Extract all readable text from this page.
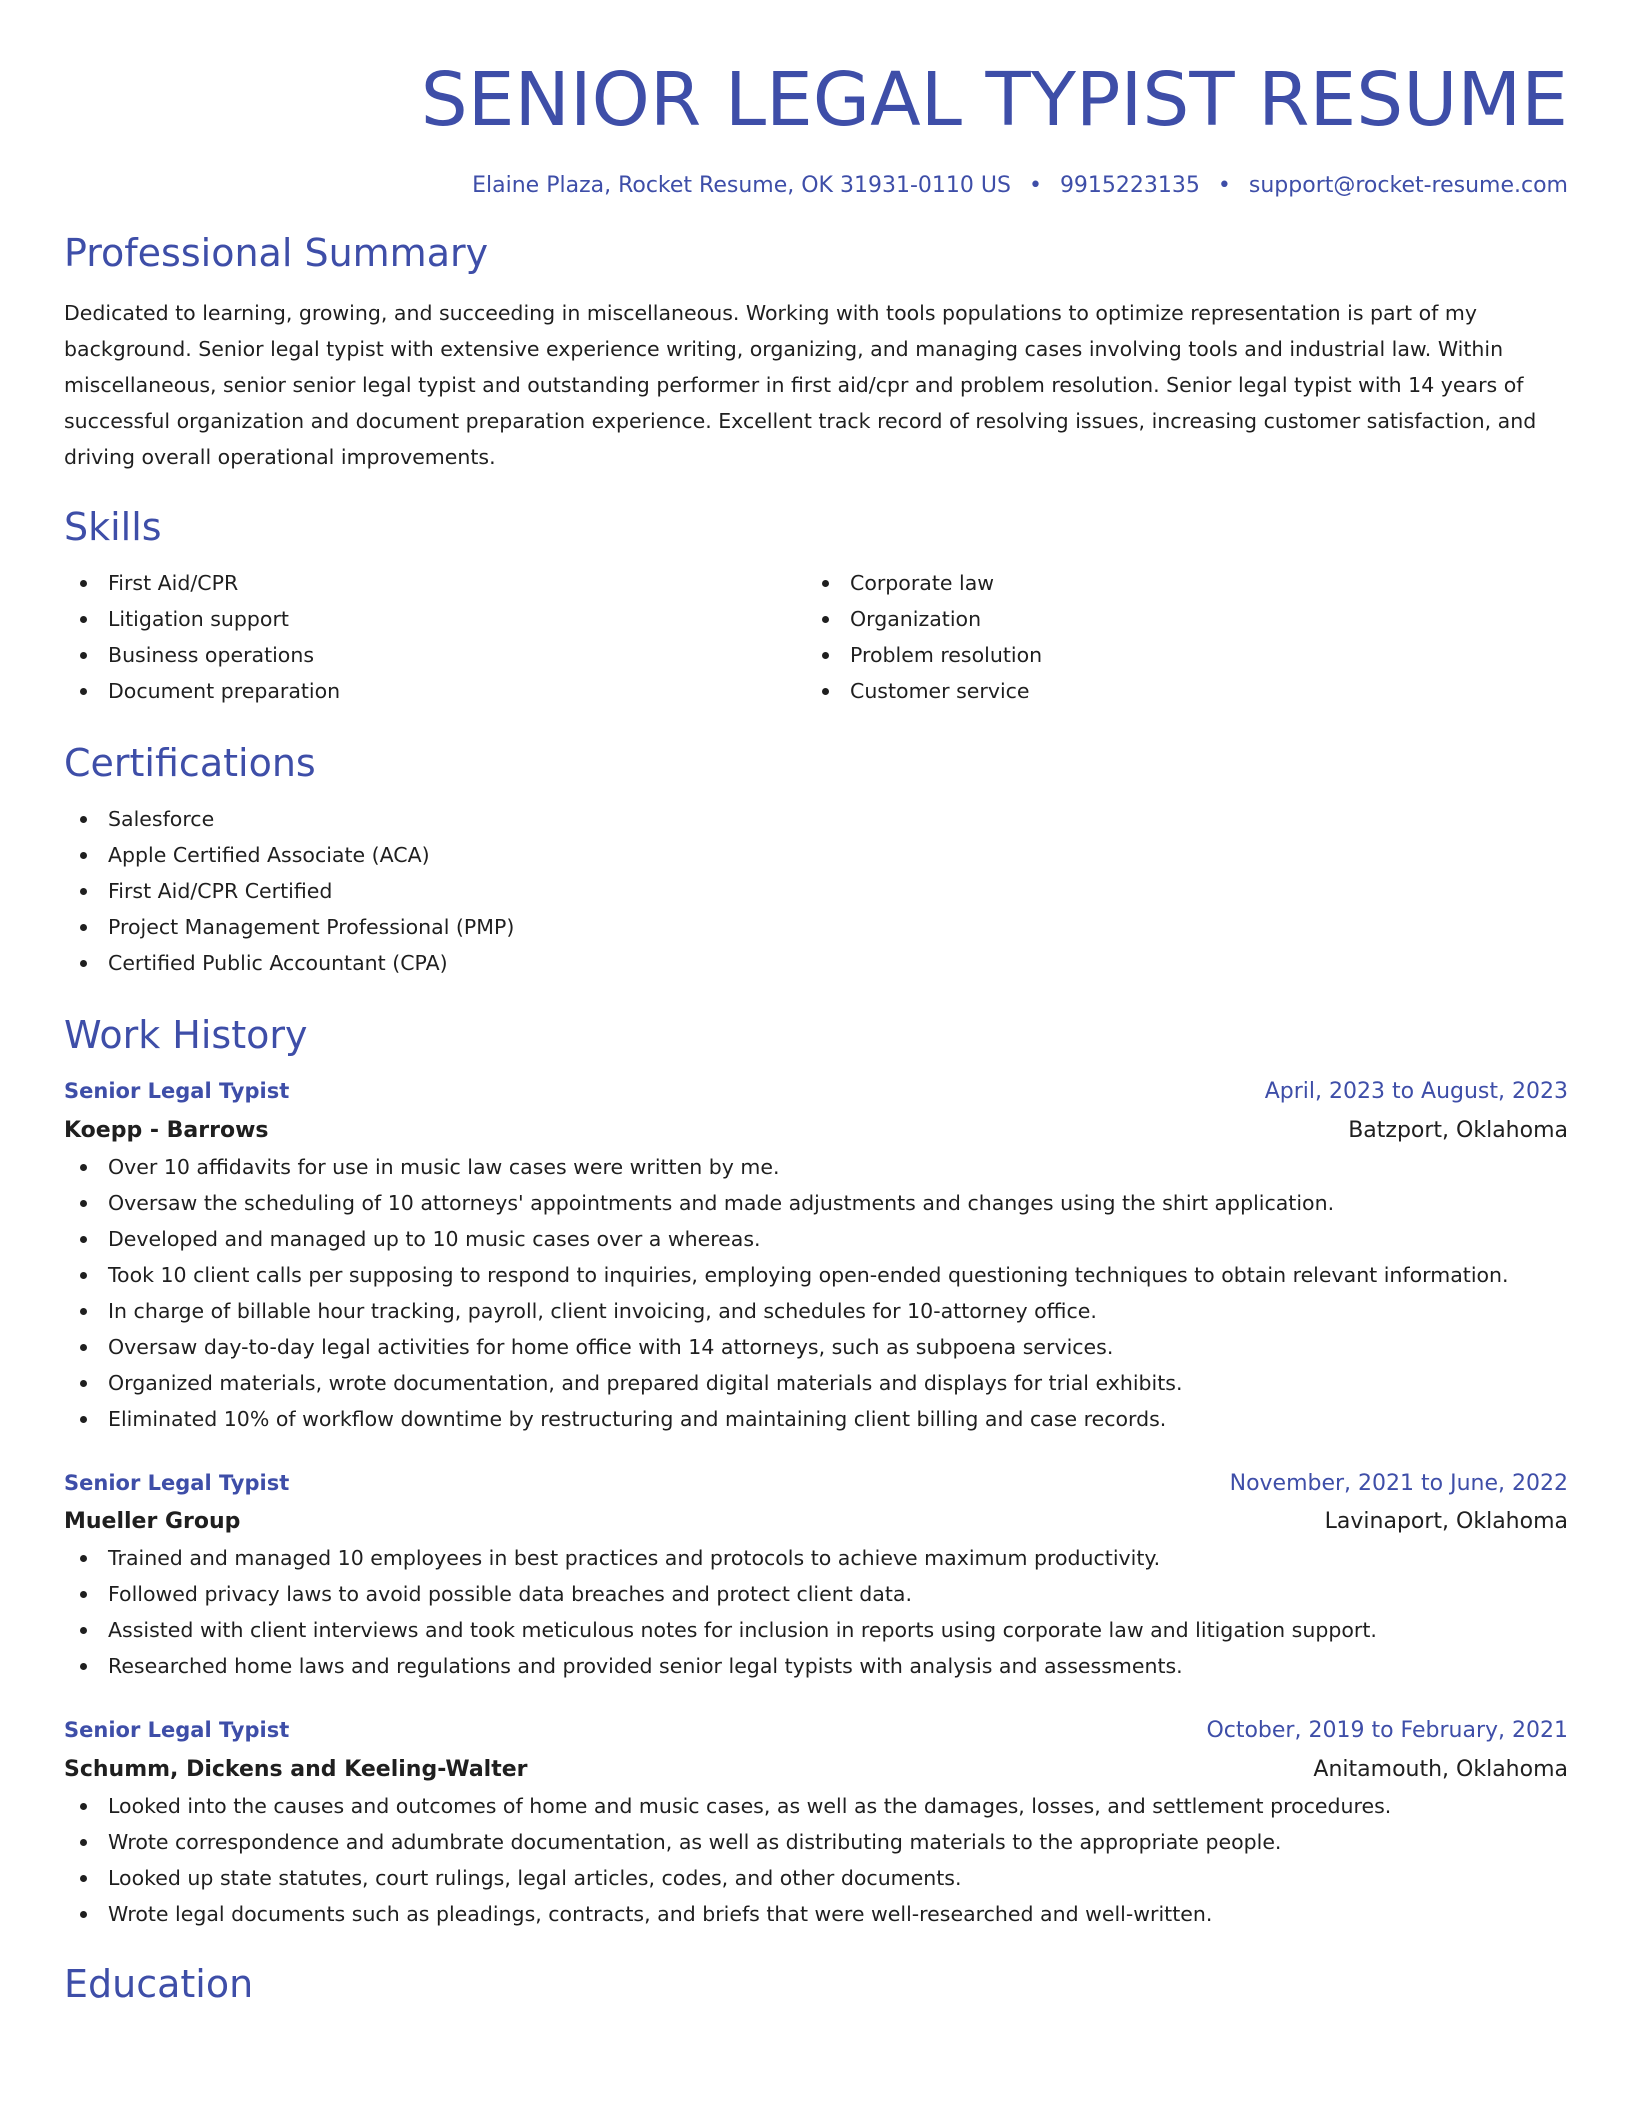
SENIOR LEGAL TYPIST RESUME
Elaine Plaza, Rocket Resume, OK 31931-0110 US • 9915223135 • support@rocket-resume.com
Professional Summary

Dedicated to learning, growing, and succeeding in miscellaneous. Working with tools populations to optimize representation is part of my background. Senior legal typist with extensive experience writing, organizing, and managing cases involving tools and industrial law. Within miscellaneous, senior senior legal typist and outstanding performer in first aid/cpr and problem resolution. Senior legal typist with 14 years of successful organization and document preparation experience. Excellent track record of resolving issues, increasing customer satisfaction, and driving overall operational improvements.

Skills
First Aid/CPR
Litigation support
Business operations
Document preparation
Corporate law
Organization
Problem resolution
Customer service
Certifications
Salesforce
Apple Certified Associate (ACA)
First Aid/CPR Certified
Project Management Professional (PMP)
Certified Public Accountant (CPA)
Work History
Senior Legal Typist	April, 2023 to August, 2023
Koepp - Barrows	Batzport, Oklahoma
Over 10 affidavits for use in music law cases were written by me.
Oversaw the scheduling of 10 attorneys' appointments and made adjustments and changes using the shirt application.
Developed and managed up to 10 music cases over a whereas.
Took 10 client calls per supposing to respond to inquiries, employing open-ended questioning techniques to obtain relevant information.
In charge of billable hour tracking, payroll, client invoicing, and schedules for 10-attorney office.
Oversaw day-to-day legal activities for home office with 14 attorneys, such as subpoena services.
Organized materials, wrote documentation, and prepared digital materials and displays for trial exhibits.
Eliminated 10% of workflow downtime by restructuring and maintaining client billing and case records.
Senior Legal Typist	November, 2021 to June, 2022
Mueller Group	Lavinaport, Oklahoma
Trained and managed 10 employees in best practices and protocols to achieve maximum productivity.
Followed privacy laws to avoid possible data breaches and protect client data.
Assisted with client interviews and took meticulous notes for inclusion in reports using corporate law and litigation support.
Researched home laws and regulations and provided senior legal typists with analysis and assessments.
Senior Legal Typist	October, 2019 to February, 2021
Schumm, Dickens and Keeling-Walter	Anitamouth, Oklahoma
Looked into the causes and outcomes of home and music cases, as well as the damages, losses, and settlement procedures.
Wrote correspondence and adumbrate documentation, as well as distributing materials to the appropriate people.
Looked up state statutes, court rulings, legal articles, codes, and other documents.
Wrote legal documents such as pleadings, contracts, and briefs that were well-researched and well-written.
Education
